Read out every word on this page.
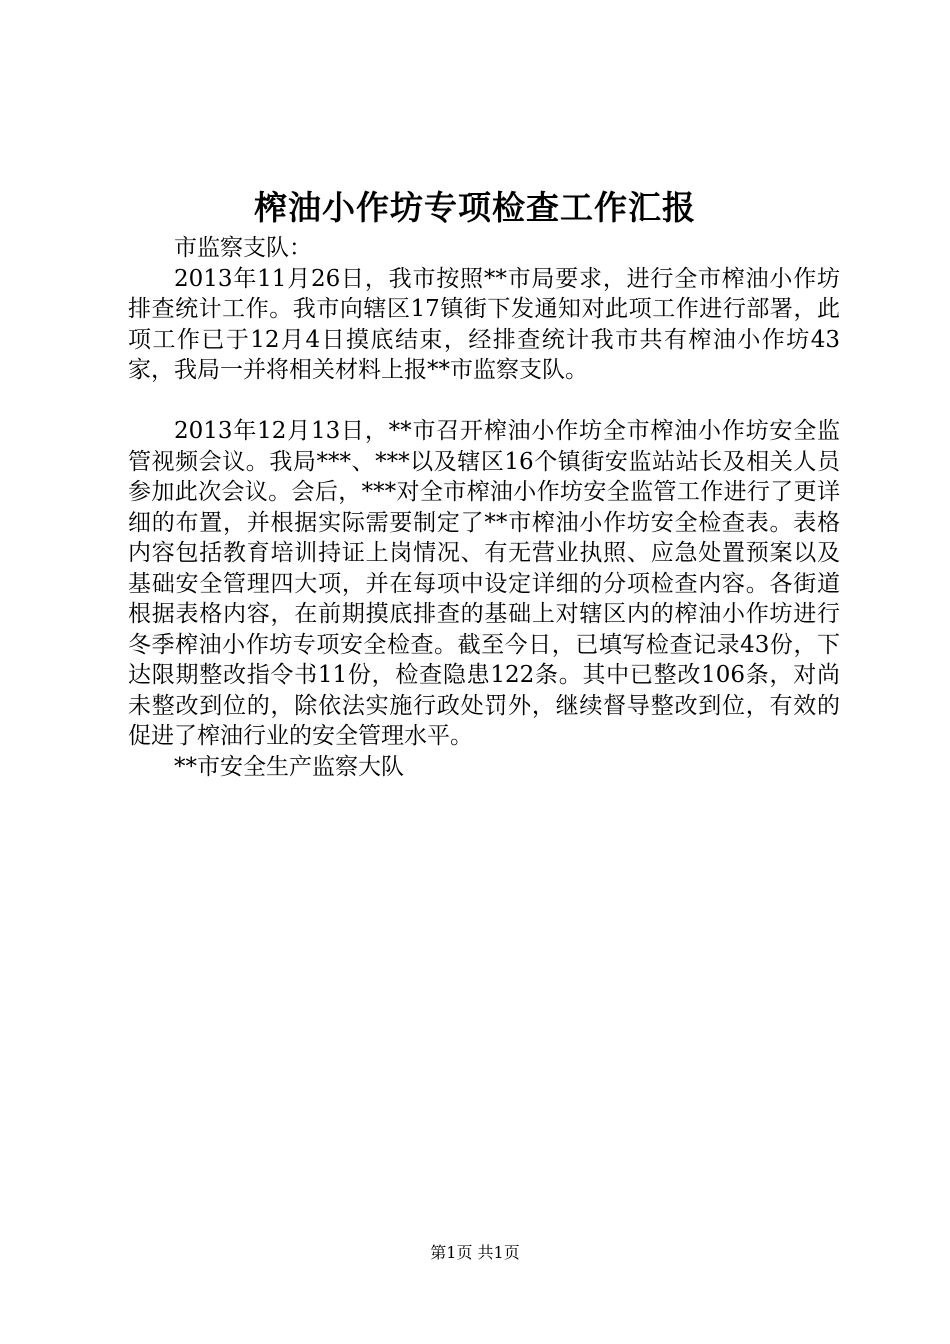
榨油小作坊专项检查工作汇报

市监察支队：

2013年11月26日，我市按照**市局要求，进行全市榨油小作坊排查统计工作。我市向辖区17镇街下发通知对此项工作进行部署，此项工作已于12月4日摸底结束，经排查统计我市共有榨油小作坊43家，我局一并将相关材料上报**市监察支队。

2013年12月13日，**市召开榨油小作坊全市榨油小作坊安全监管视频会议。我局***、***以及辖区16个镇街安监站站长及相关人员参加此次会议。会后，***对全市榨油小作坊安全监管工作进行了更详细的布置，并根据实际需要制定了**市榨油小作坊安全检查表。表格内容包括教育培训持证上岗情况、有无营业执照、应急处置预案以及基础安全管理四大项，并在每项中设定详细的分项检查内容。各街道根据表格内容，在前期摸底排查的基础上对辖区内的榨油小作坊进行冬季榨油小作坊专项安全检查。截至今日，已填写检查记录43份，下达限期整改指令书11份，检查隐患122条。其中已整改106条，对尚未整改到位的，除依法实施行政处罚外，继续督导整改到位，有效的促进了榨油行业的安全管理水平。

**市安全生产监察大队

第1页 共1页
